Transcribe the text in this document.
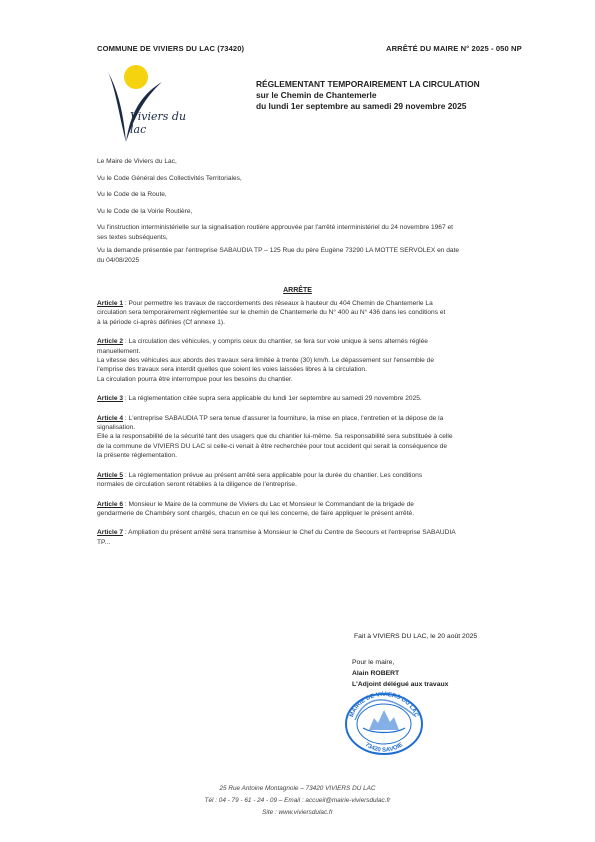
COMMUNE DE VIVIERS DU LAC (73420)	ARRÊTÉ DU MAIRE N° 2025 - 050 NP
Viviers du lac
RÉGLEMENTANT TEMPORAIREMENT LA CIRCULATION
sur le Chemin de Chantemerle
du lundi 1er septembre au samedi 29 novembre 2025
Le Maire de Viviers du Lac,
Vu le Code Général des Collectivités Territoriales,
Vu le Code de la Route,
Vu le Code de la Voirie Routière,
Vu l'instruction interministérielle sur la signalisation routière approuvée par l'arrêté interministériel du 24 novembre 1967 et
ses textes subséquents,
Vu la demande présentée par l'entreprise SABAUDIA TP – 125 Rue du père Eugène 73290 LA MOTTE SERVOLEX en date
du 04/08/2025
ARRÊTE
Article 1 : Pour permettre les travaux de raccordements des réseaux à hauteur du 404 Chemin de Chantemerle La
circulation sera temporairement réglementée sur le chemin de Chantemerle du N° 400 au N° 436 dans les conditions et
à la période ci-après définies (Cf annexe 1).
Article 2 : La circulation des véhicules, y compris ceux du chantier, se fera sur voie unique à sens alternés réglée
manuellement.
La vitesse des véhicules aux abords des travaux sera limitée à trente (30) km/h. Le dépassement sur l'ensemble de
l'emprise des travaux sera interdit quelles que soient les voies laissées libres à la circulation.
La circulation pourra être interrompue pour les besoins du chantier.
Article 3 : La réglementation citée supra sera applicable du lundi 1er septembre au samedi 29 novembre 2025.
Article 4 : L'entreprise SABAUDIA TP sera tenue d'assurer la fourniture, la mise en place, l'entretien et la dépose de la
signalisation.
Elle a la responsabilité de la sécurité tant des usagers que du chantier lui-même. Sa responsabilité sera substituée à celle
de la commune de VIVIERS DU LAC si celle-ci venait à être recherchée pour tout accident qui serait la conséquence de
la présente réglementation.
Article 5 : La réglementation prévue au présent arrêté sera applicable pour la durée du chantier. Les conditions
normales de circulation seront rétablies à la diligence de l'entreprise.
Article 6 : Monsieur le Maire de la commune de Viviers du Lac et Monsieur le Commandant de la brigade de
gendarmerie de Chambéry sont chargés, chacun en ce qui les concerne, de faire appliquer le présent arrêté.
Article 7 : Ampliation du présent arrêté sera transmise à Monsieur le Chef du Centre de Secours et l'entreprise SABAUDIA
TP...
Fait à VIVIERS DU LAC, le 20 août 2025
Pour le maire,
Alain ROBERT
L'Adjoint délégué aux travaux
MAIRIE DE VIVIERS DU LAC
73420 SAVOIE
25 Rue Antoine Montagnole – 73420 VIVIERS DU LAC
Tél : 04 - 79 - 61 - 24 - 09 – Email : accueil@mairie-viviersdulac.fr
Site : www.viviersdulac.fr
